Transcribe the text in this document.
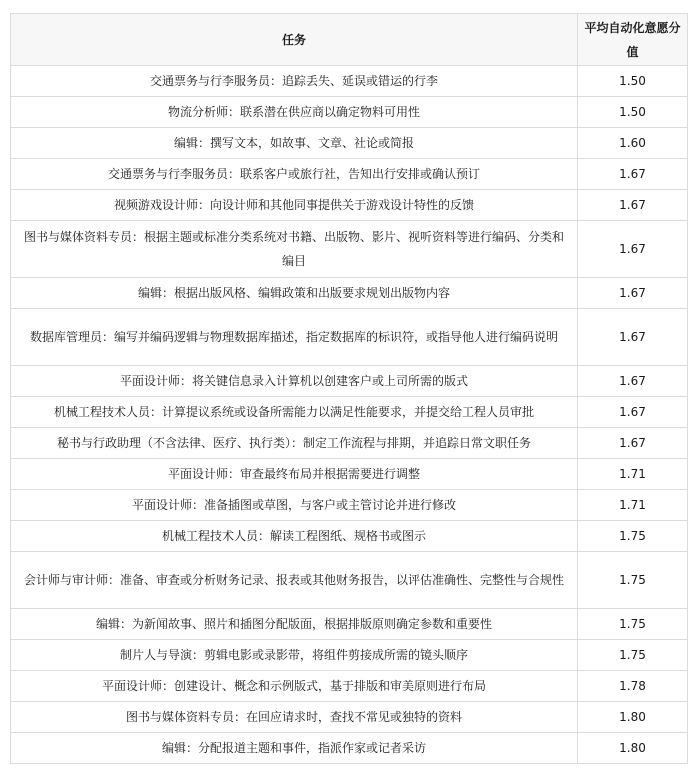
任务	平均自动化意愿分值
交通票务与行李服务员：追踪丢失、延误或错运的行李	1.50
物流分析师：联系潜在供应商以确定物料可用性	1.50
编辑：撰写文本，如故事、文章、社论或简报	1.60
交通票务与行李服务员：联系客户或旅行社，告知出行安排或确认预订	1.67
视频游戏设计师：向设计师和其他同事提供关于游戏设计特性的反馈	1.67
图书与媒体资料专员：根据主题或标准分类系统对书籍、出版物、影片、视听资料等进行编码、分类和编目	1.67
编辑：根据出版风格、编辑政策和出版要求规划出版物内容	1.67
数据库管理员：编写并编码逻辑与物理数据库描述，指定数据库的标识符，或指导他人进行编码说明	1.67
平面设计师：将关键信息录入计算机以创建客户或上司所需的版式	1.67
机械工程技术人员：计算提议系统或设备所需能力以满足性能要求，并提交给工程人员审批	1.67
秘书与行政助理（不含法律、医疗、执行类）：制定工作流程与排期，并追踪日常文职任务	1.67
平面设计师：审查最终布局并根据需要进行调整	1.71
平面设计师：准备插图或草图，与客户或主管讨论并进行修改	1.71
机械工程技术人员：解读工程图纸、规格书或图示	1.75
会计师与审计师：准备、审查或分析财务记录、报表或其他财务报告，以评估准确性、完整性与合规性	1.75
编辑：为新闻故事、照片和插图分配版面，根据排版原则确定参数和重要性	1.75
制片人与导演：剪辑电影或录影带，将组件剪接成所需的镜头顺序	1.75
平面设计师：创建设计、概念和示例版式，基于排版和审美原则进行布局	1.78
图书与媒体资料专员：在回应请求时，查找不常见或独特的资料	1.80
编辑：分配报道主题和事件，指派作家或记者采访	1.80
